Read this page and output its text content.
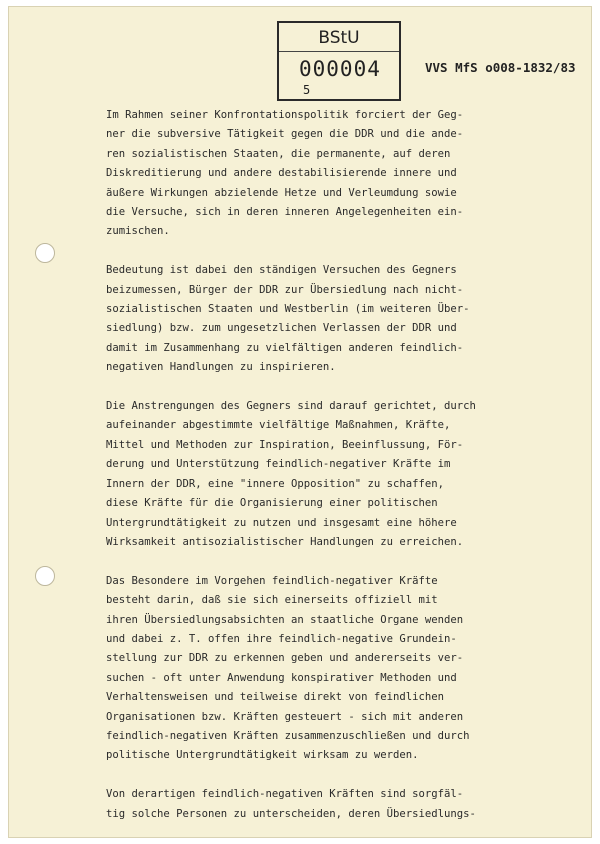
BStU
000004
5
VVS MfS o008-1832/83
Im Rahmen seiner Konfrontationspolitik forciert der Geg-
ner die subversive Tätigkeit gegen die DDR und die ande-
ren sozialistischen Staaten, die permanente, auf deren
Diskreditierung und andere destabilisierende innere und
äußere Wirkungen abzielende Hetze und Verleumdung sowie
die Versuche, sich in deren inneren Angelegenheiten ein-
zumischen.
Bedeutung ist dabei den ständigen Versuchen des Gegners
beizumessen, Bürger der DDR zur Übersiedlung nach nicht-
sozialistischen Staaten und Westberlin (im weiteren Über-
siedlung) bzw. zum ungesetzlichen Verlassen der DDR und
damit im Zusammenhang zu vielfältigen anderen feindlich-
negativen Handlungen zu inspirieren.
Die Anstrengungen des Gegners sind darauf gerichtet, durch
aufeinander abgestimmte vielfältige Maßnahmen, Kräfte,
Mittel und Methoden zur Inspiration, Beeinflussung, För-
derung und Unterstützung feindlich-negativer Kräfte im
Innern der DDR, eine "innere Opposition" zu schaffen,
diese Kräfte für die Organisierung einer politischen
Untergrundtätigkeit zu nutzen und insgesamt eine höhere
Wirksamkeit antisozialistischer Handlungen zu erreichen.
Das Besondere im Vorgehen feindlich-negativer Kräfte
besteht darin, daß sie sich einerseits offiziell mit
ihren Übersiedlungsabsichten an staatliche Organe wenden
und dabei z. T. offen ihre feindlich-negative Grundein-
stellung zur DDR zu erkennen geben und andererseits ver-
suchen - oft unter Anwendung konspirativer Methoden und
Verhaltensweisen und teilweise direkt von feindlichen
Organisationen bzw. Kräften gesteuert - sich mit anderen
feindlich-negativen Kräften zusammenzuschließen und durch
politische Untergrundtätigkeit wirksam zu werden.
Von derartigen feindlich-negativen Kräften sind sorgfäl-
tig solche Personen zu unterscheiden, deren Übersiedlungs-
